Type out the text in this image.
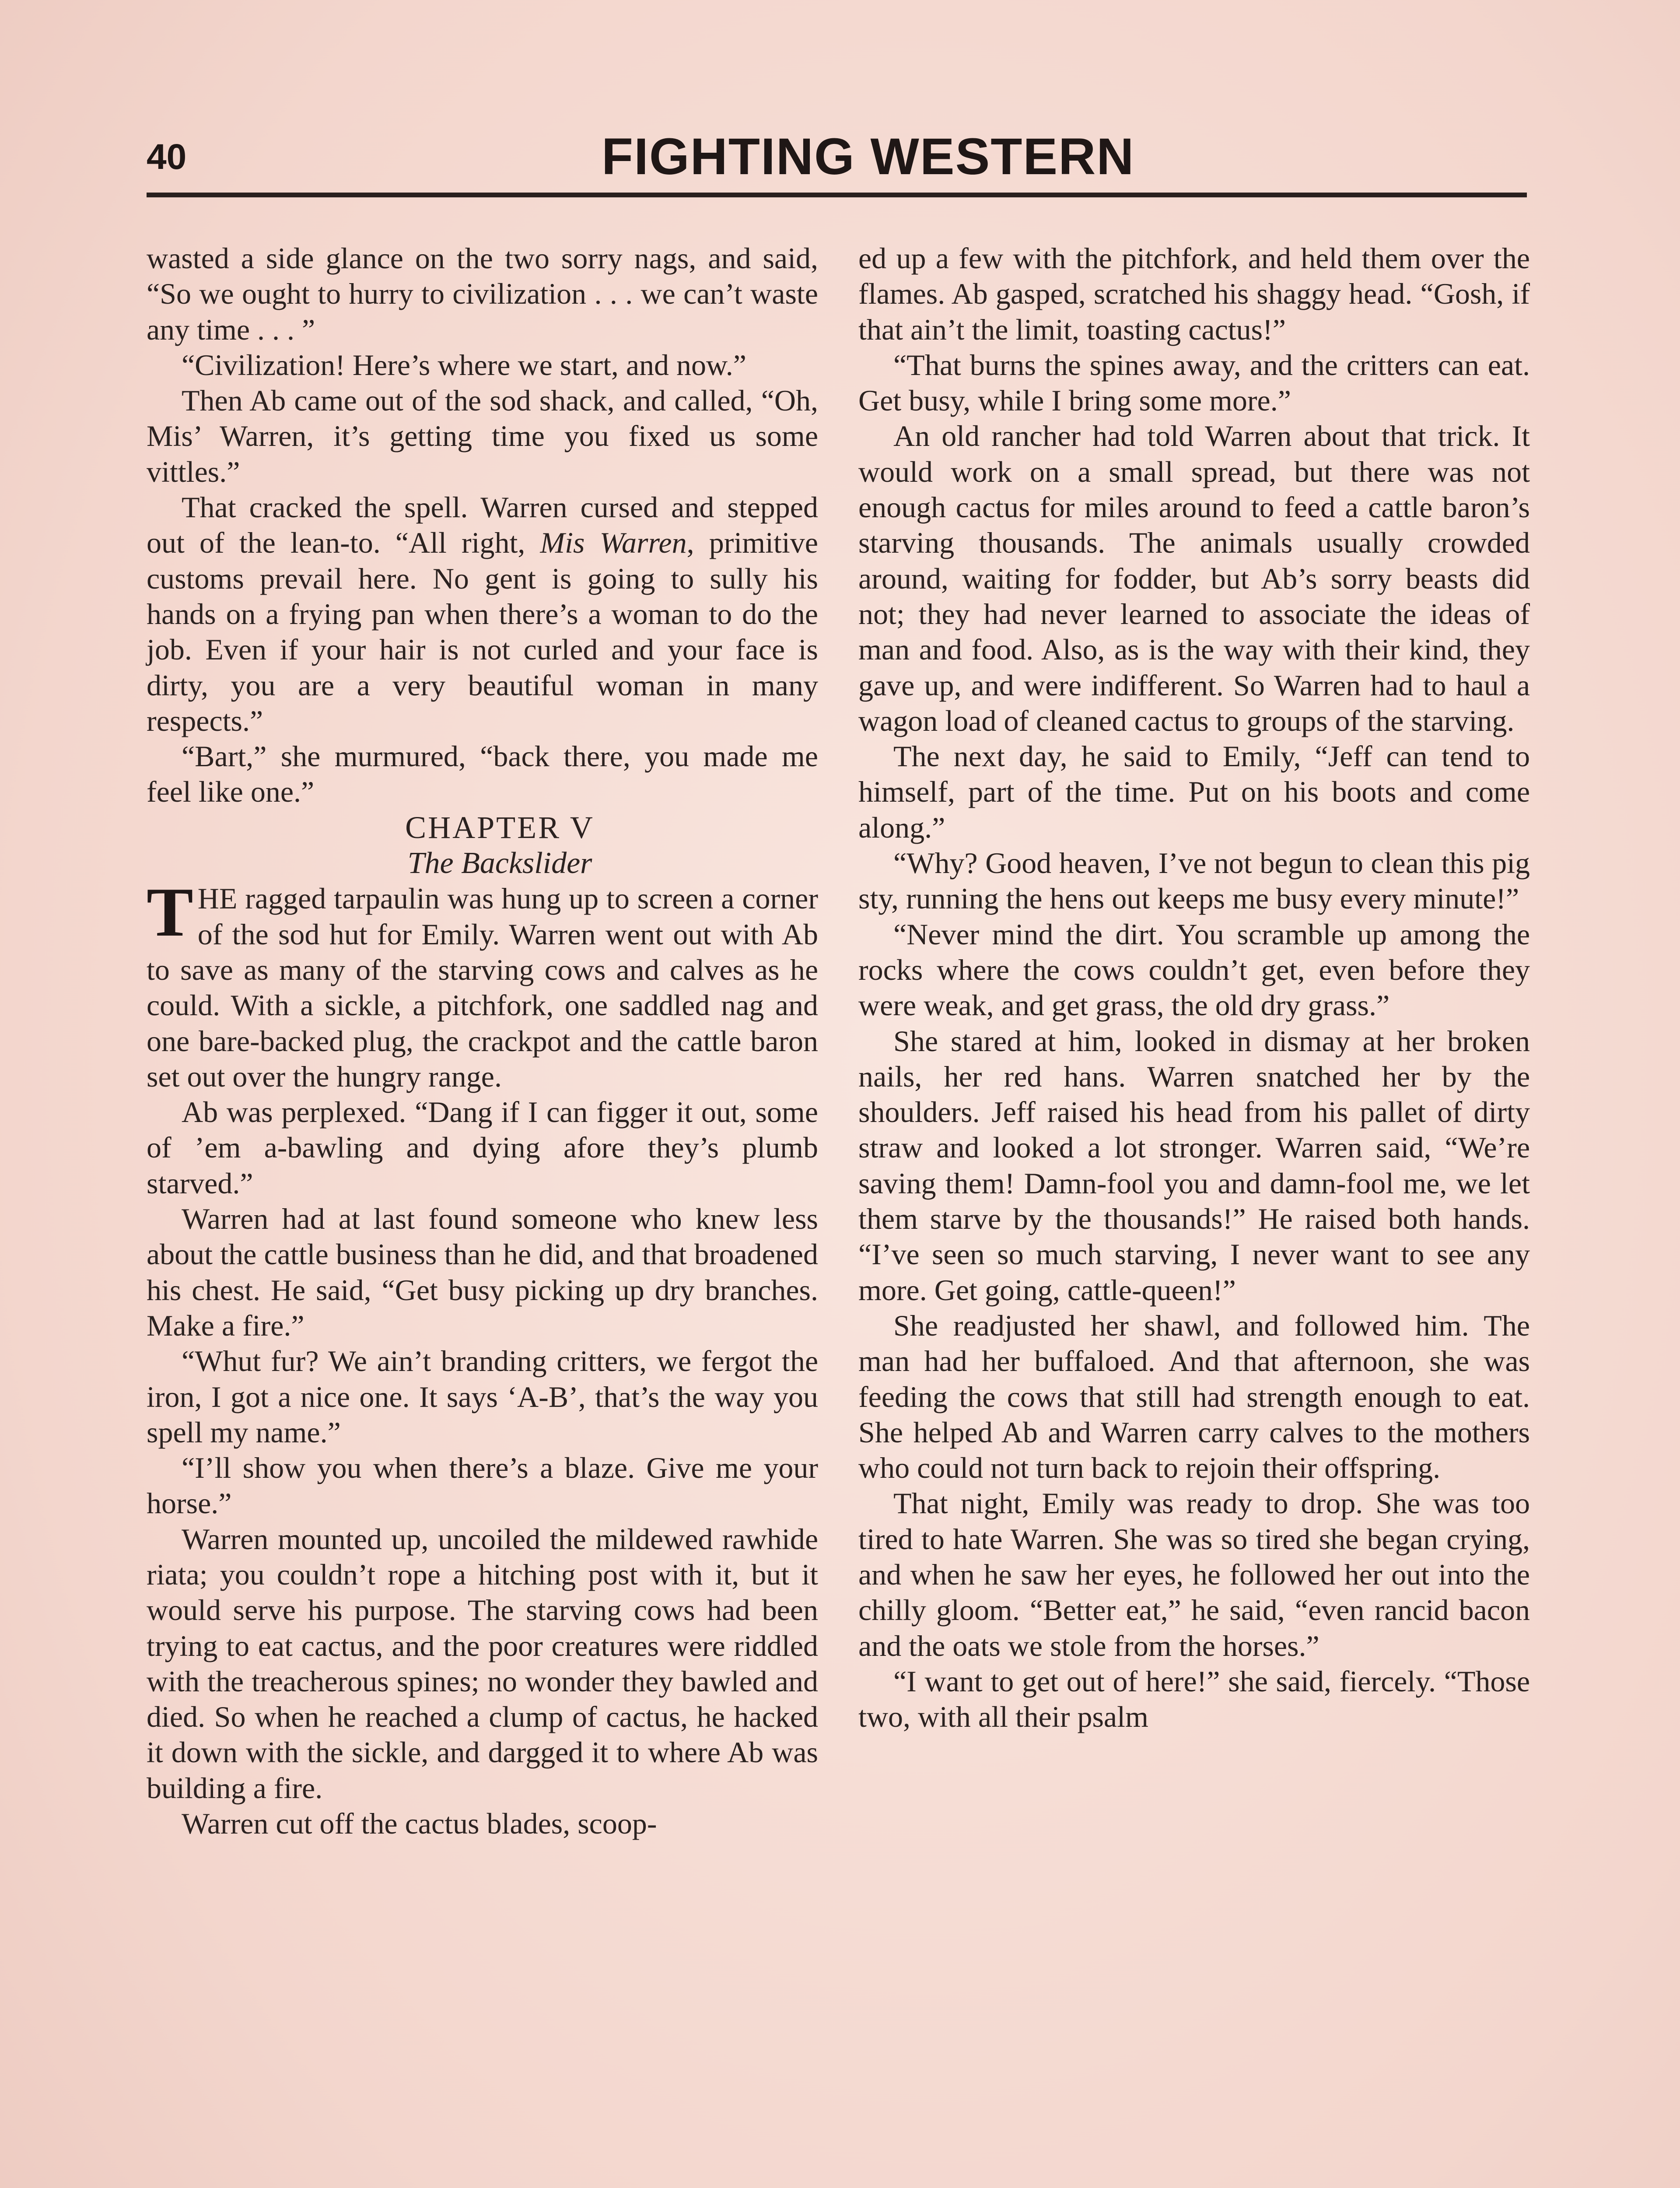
40	FIGHTING WESTERN

wasted a side glance on the two sorry nags, and said, “So we ought to hurry to civilization . . . we can’t waste any time . . . ”

“Civilization! Here’s where we start, and now.”

Then Ab came out of the sod shack, and called, “Oh, Mis’ Warren, it’s getting time you fixed us some vittles.”

That cracked the spell. Warren cursed and stepped out of the lean-to. “All right, Mis Warren, primitive customs prevail here. No gent is going to sully his hands on a frying pan when there’s a woman to do the job. Even if your hair is not curled and your face is dirty, you are a very beautiful woman in many respects.”

“Bart,” she murmured, “back there, you made me feel like one.”

CHAPTER V

The Backslider

THE ragged tarpaulin was hung up to screen a corner of the sod hut for Emily. Warren went out with Ab to save as many of the starving cows and calves as he could. With a sickle, a pitchfork, one saddled nag and one bare-backed plug, the crackpot and the cattle baron set out over the hungry range.

Ab was perplexed. “Dang if I can figger it out, some of ’em a-bawling and dying afore they’s plumb starved.”

Warren had at last found someone who knew less about the cattle business than he did, and that broadened his chest. He said, “Get busy picking up dry branches. Make a fire.”

“Whut fur? We ain’t branding critters, we fergot the iron, I got a nice one. It says ‘A-B’, that’s the way you spell my name.”

“I’ll show you when there’s a blaze. Give me your horse.”

Warren mounted up, uncoiled the mildewed rawhide riata; you couldn’t rope a hitching post with it, but it would serve his purpose. The starving cows had been trying to eat cactus, and the poor creatures were riddled with the treacherous spines; no wonder they bawled and died. So when he reached a clump of cactus, he hacked it down with the sickle, and dargged it to where Ab was building a fire.

Warren cut off the cactus blades, scoop-

ed up a few with the pitchfork, and held them over the flames. Ab gasped, scratched his shaggy head. “Gosh, if that ain’t the limit, toasting cactus!”

“That burns the spines away, and the critters can eat. Get busy, while I bring some more.”

An old rancher had told Warren about that trick. It would work on a small spread, but there was not enough cactus for miles around to feed a cattle baron’s starving thousands. The animals usually crowded around, waiting for fodder, but Ab’s sorry beasts did not; they had never learned to associate the ideas of man and food. Also, as is the way with their kind, they gave up, and were indifferent. So Warren had to haul a wagon load of cleaned cactus to groups of the starving.

The next day, he said to Emily, “Jeff can tend to himself, part of the time. Put on his boots and come along.”

“Why? Good heaven, I’ve not begun to clean this pig sty, running the hens out keeps me busy every minute!”

“Never mind the dirt. You scramble up among the rocks where the cows couldn’t get, even before they were weak, and get grass, the old dry grass.”

She stared at him, looked in dismay at her broken nails, her red hans. Warren snatched her by the shoulders. Jeff raised his head from his pallet of dirty straw and looked a lot stronger. Warren said, “We’re saving them! Damn-fool you and damn-fool me, we let them starve by the thousands!” He raised both hands. “I’ve seen so much starving, I never want to see any more. Get going, cattle-queen!”

She readjusted her shawl, and followed him. The man had her buffaloed. And that afternoon, she was feeding the cows that still had strength enough to eat. She helped Ab and Warren carry calves to the mothers who could not turn back to rejoin their offspring.

That night, Emily was ready to drop. She was too tired to hate Warren. She was so tired she began crying, and when he saw her eyes, he followed her out into the chilly gloom. “Better eat,” he said, “even rancid bacon and the oats we stole from the horses.”

“I want to get out of here!” she said, fiercely. “Those two, with all their psalm
